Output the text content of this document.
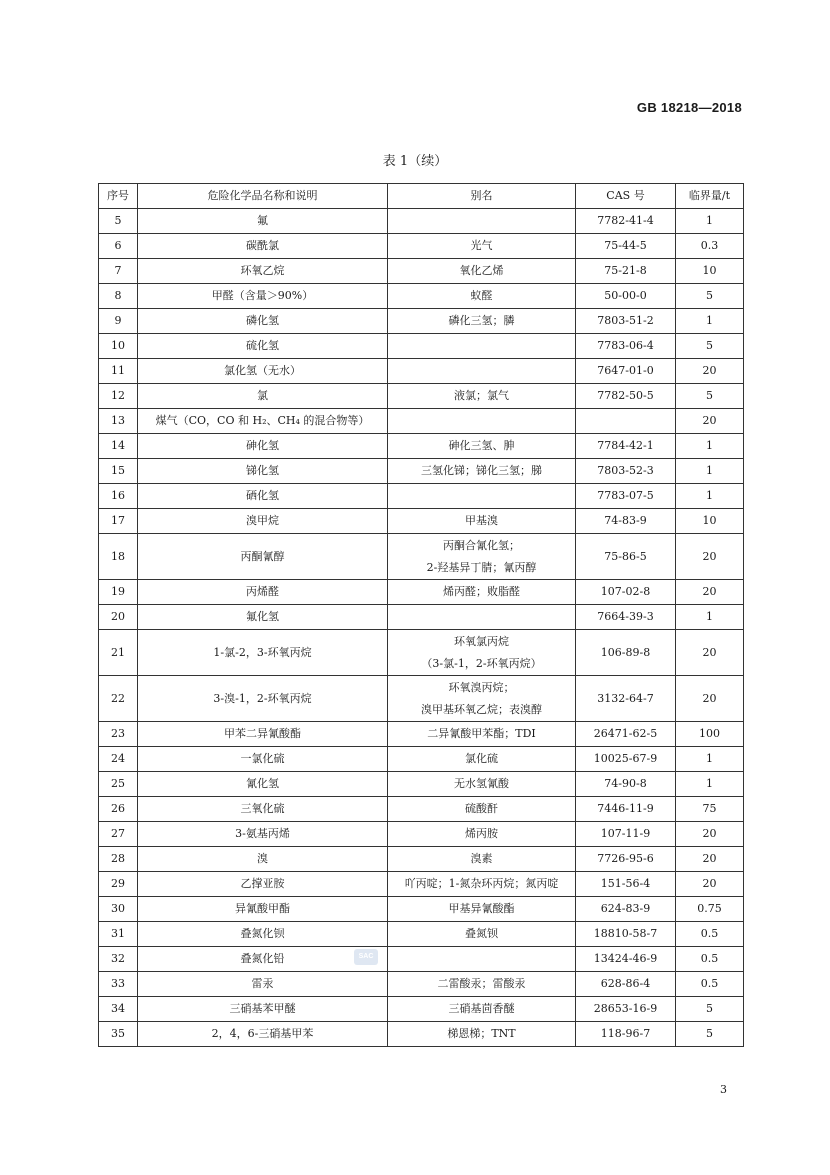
GB 18218—2018
表 1（续）
序号	危险化学品名称和说明	别名	CAS 号	临界量/t
5	氟		7782-41-4	1
6	碳酰氯	光气	75-44-5	0.3
7	环氧乙烷	氧化乙烯	75-21-8	10
8	甲醛（含量＞90%）	蚁醛	50-00-0	5
9	磷化氢	磷化三氢；膦	7803-51-2	1
10	硫化氢		7783-06-4	5
11	氯化氢（无水）		7647-01-0	20
12	氯	液氯；氯气	7782-50-5	5
13	煤气（CO，CO 和 H₂、CH₄ 的混合物等）			20
14	砷化氢	砷化三氢、胂	7784-42-1	1
15	锑化氢	三氢化锑；锑化三氢；䏲	7803-52-3	1
16	硒化氢		7783-07-5	1
17	溴甲烷	甲基溴	74-83-9	10
18	丙酮氰醇	丙酮合氰化氢；
2-羟基异丁腈；氰丙醇	75-86-5	20
19	丙烯醛	烯丙醛；败脂醛	107-02-8	20
20	氟化氢		7664-39-3	1
21	1-氯-2，3-环氧丙烷	环氧氯丙烷
（3-氯-1，2-环氧丙烷）	106-89-8	20
22	3-溴-1，2-环氧丙烷	环氧溴丙烷；
溴甲基环氧乙烷；表溴醇	3132-64-7	20
23	甲苯二异氰酸酯	二异氰酸甲苯酯；TDI	26471-62-5	100
24	一氯化硫	氯化硫	10025-67-9	1
25	氰化氢	无水氢氰酸	74-90-8	1
26	三氧化硫	硫酸酐	7446-11-9	75
27	3-氨基丙烯	烯丙胺	107-11-9	20
28	溴	溴素	7726-95-6	20
29	乙撑亚胺	吖丙啶；1-氮杂环丙烷；氮丙啶	151-56-4	20
30	异氰酸甲酯	甲基异氰酸酯	624-83-9	0.75
31	叠氮化钡	叠氮钡	18810-58-7	0.5
32	叠氮化铅		13424-46-9	0.5
33	雷汞	二雷酸汞；雷酸汞	628-86-4	0.5
34	三硝基苯甲醚	三硝基茴香醚	28653-16-9	5
35	2，4，6-三硝基甲苯	梯恩梯；TNT	118-96-7	5
SAC
3
